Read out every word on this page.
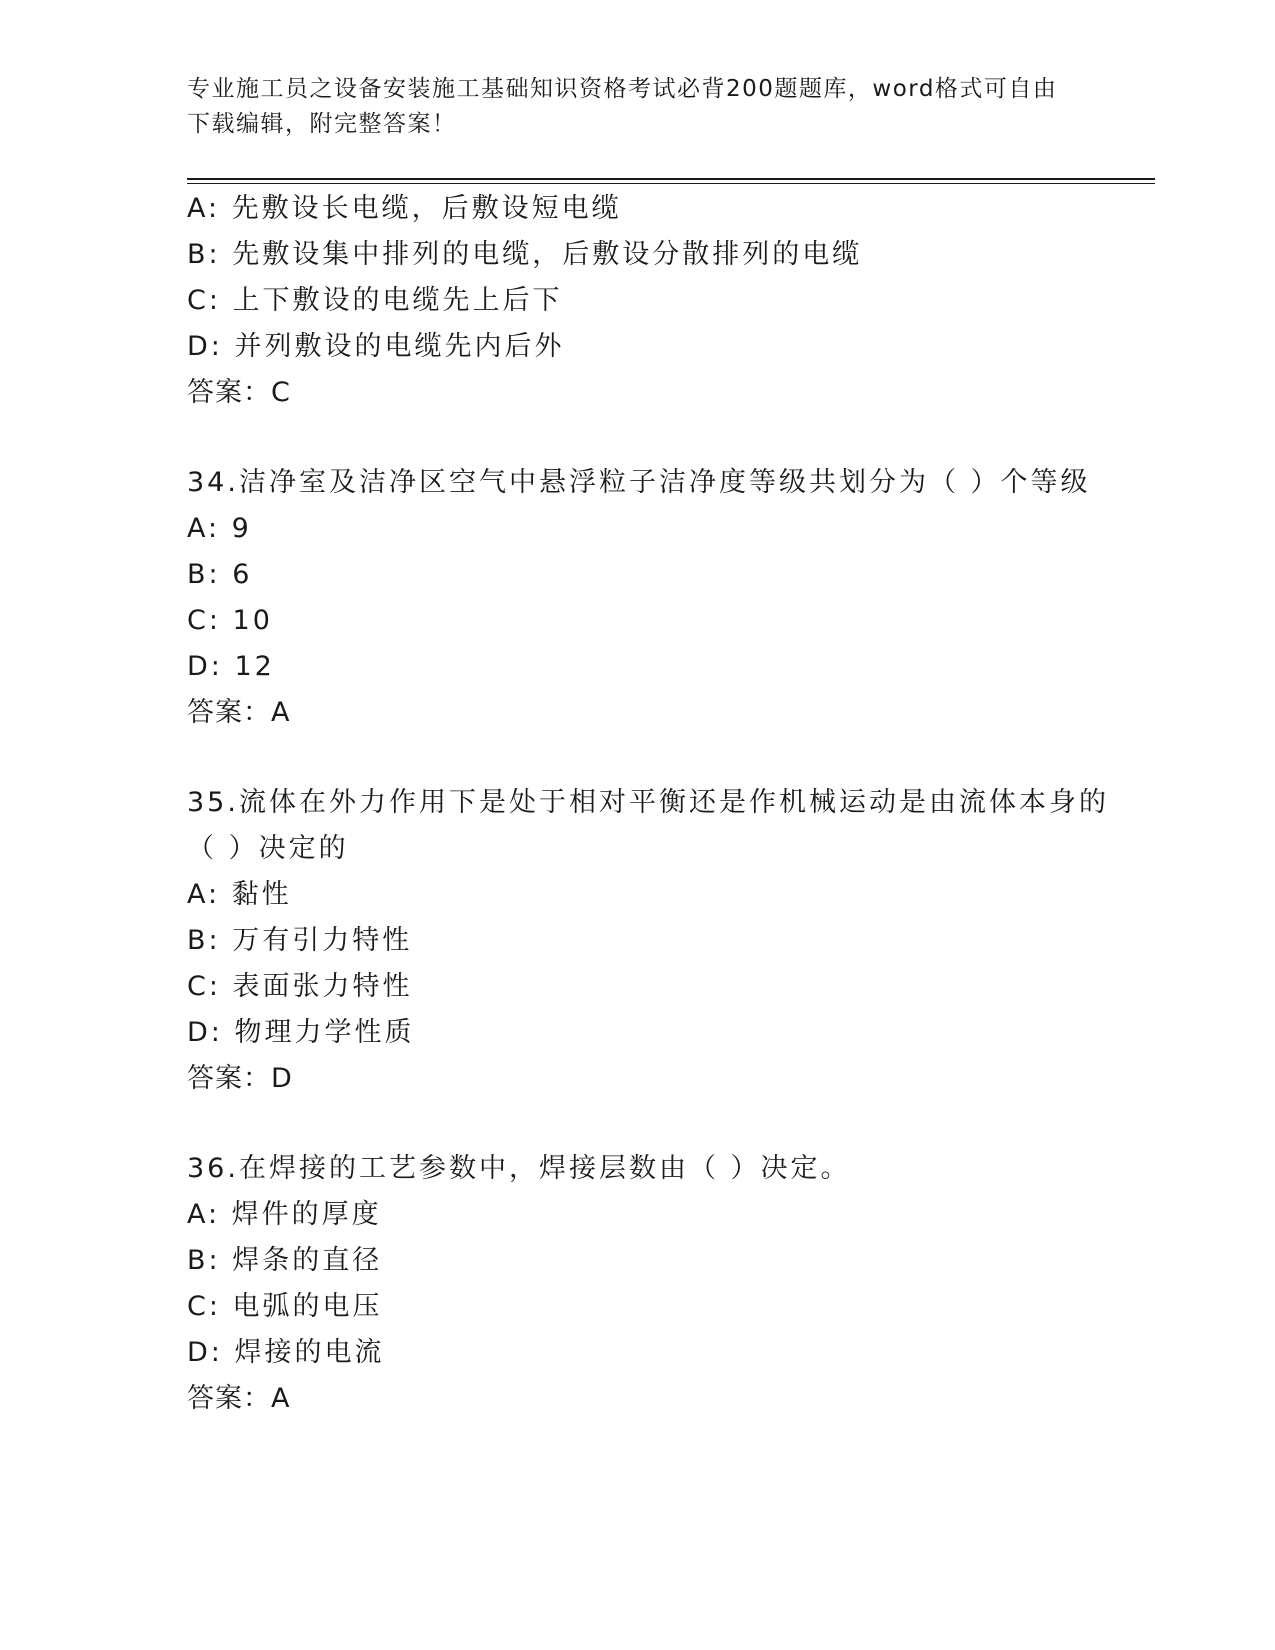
专业施工员之设备安装施工基础知识资格考试必背200题题库，word格式可自由
下载编辑，附完整答案！
A: 先敷设长电缆，后敷设短电缆
B: 先敷设集中排列的电缆，后敷设分散排列的电缆
C: 上下敷设的电缆先上后下
D: 并列敷设的电缆先内后外
答案：C
34.洁净室及洁净区空气中悬浮粒子洁净度等级共划分为（ ）个等级
A: 9
B: 6
C: 10
D: 12
答案：A
35.流体在外力作用下是处于相对平衡还是作机械运动是由流体本身的
（ ）决定的
A: 黏性
B: 万有引力特性
C: 表面张力特性
D: 物理力学性质
答案：D
36.在焊接的工艺参数中，焊接层数由（ ）决定。
A: 焊件的厚度
B: 焊条的直径
C: 电弧的电压
D: 焊接的电流
答案：A
